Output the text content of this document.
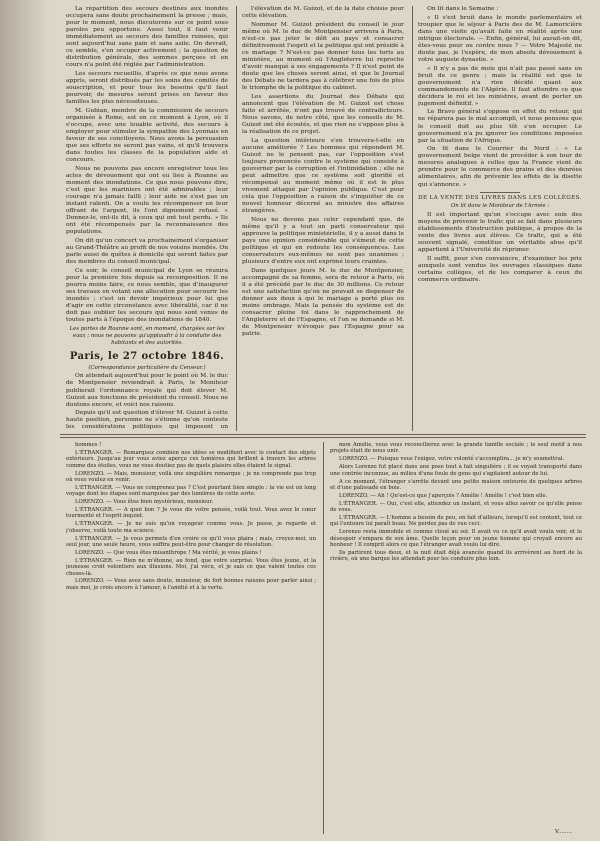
La répartition des secours destinés aux inondés occupera sans doute prochainement la presse ; mais, pour le moment, nous discuterons sur ce point sous paroles peu opportune. Aussi tout, il faut venir immédiatement au secours des familles ruinées, qui sont aujourd'hui sans pain et sans asile. On devrait, ce semble, s'en occuper activement ; la question de distribution générale, des sommes perçues et en cours n'a point été réglée par l'administration.

Les secours recueillis, d'après ce que nous avons appris, seront distribués par les soins des comités de souscription, et pour tous les besoins qu'il faut pourvoir, de mesures seront prises en faveur des familles les plus nécessiteuses.

M. Gubian, membre de la commission de secours organisée à Rome, est en ce moment à Lyon, où il s'occupe, avec une louable activité, des secours à employer pour stimuler la sympathie des Lyonnais en faveur de ses concitoyens. Nous avons la persuasion que ses efforts ne seront pas vains, et qu'il trouvera dans toutes les classes de la population aide et concours.

Nous ne pouvons pas encore enregistrer tous les actes de dévouement qui ont eu lieu à Roanne au moment des inondations. Ce que nous pouvons dire, c'est que les mariniers ont été admirables ; leur courage n'a jamais failli ; leur aide ne s'est pas un instant ralenti. On a voulu les récompenser en leur offrant de l'argent, ils l'ont dignement refusé. « Donnez-le, ont-ils dit, à ceux qui ont tout perdu. » Ils ont été récompensés par la reconnaissance des populations.

On dit qu'un concert va prochainement s'organiser au Grand-Théâtre au profit de nos voisins inondés. On parle aussi de quêtes à domicile qui seront faites par des membres du conseil municipal.

Ce soir, le conseil municipal de Lyon se réunira pour la première fois depuis sa recomposition. Il ne pourra moins faire, ce nous semble, que d'inaugurer ses travaux en votant une allocation pour secourir les inondés ; c'est un devoir impérieux pour lui que d'agir en cette circonstance avec libéralité, car il ne doit pas oublier les secours qui nous sont venus de toutes parts à l'époque des inondations de 1840.

Les portes de Roanne sont, en moment, chargées sur les eaux ; nous ne pouvons qu'applaudir à la conduite des habitants et des autorités.

Paris, le 27 octobre 1846.

(Correspondance particulière du Censeur.)

On attendait aujourd'hui pour le point où M. le duc de Montpensier reviendrait à Paris, le Moniteur publierait l'ordonnance royale qui doit élever M. Guizot aux fonctions de président du conseil. Nous ne doutons encore, et voici nos raisons.

Depuis qu'il est question d'élever M. Guizot à cette haute position, personne ne s'étonne qu'on conteste les considérations politiques qui imposent un

l'élévation de M. Guizot, et de la date choisie pour cette élévation.

Nommer M. Guizot président du conseil le jour même où M. le duc de Montpensier arrivera à Paris, n'est-ce pas jeter le défi au pays et consacrer définitivement l'esprit et la politique qui ont présidé à ce mariage ? N'est-ce pas donner tous les torts au ministère, au moment où l'Angleterre lui reproche d'avoir manqué à ses engagements ? Il n'est point de doute que les choses seront ainsi, et que le Journal des Débats ne tardera pas à célébrer une fois de plus le triomphe de la politique du cabinet.

Les assertions du Journal des Débats qui annoncent que l'élévation de M. Guizot est chose faite et arrêtée, n'ont pas trouvé de contradicteurs. Nous savons, de notre côté, que les conseils de M. Guizot ont été écoutés, et que rien ne s'oppose plus à la réalisation de ce projet.

La question intérieure s'en trouvera-t-elle en aucune améliorée ? Les hommes qui répondent M. Guizot ne le pensent pas, car l'opposition s'est toujours prononcée contre le système qui consiste à gouverner par la corruption et l'intimidation ; elle ne peut admettre que ce système soit glorifié et récompensé au moment même où il est le plus vivement attaqué par l'opinion publique. C'est pour cela que l'opposition a raison de s'inquiéter de ce nouvel honneur décerné au ministre des affaires étrangères.

Nous ne devons pas celer cependant que, de même qu'il y a tout un parti conservateur qui approuve la politique ministérielle, il y a aussi dans le pays une opinion considérable qui s'émeut de cette politique et qui en redoute les conséquences. Les conservateurs eux-mêmes ne sont pas unanimes ; plusieurs d'entre eux ont exprimé leurs craintes.

Dans quelques jours M. le duc de Montpensier, accompagné de sa femme, sera de retour à Paris, où il a été précédé par le duc de 30 millions. Ce retour est une satisfaction qu'on ne pouvait se dispenser de donner aux deux à qui le mariage a porté plus ou moins ombrage. Mais la pensée du système est de consacrer pleine foi dans le rapprochement de l'Angleterre et de l'Espagne, et l'on se demande si M. de Montpensier n'évoque pas l'Espagne pour sa patrie.

On lit dans le Semaine :

« Il s'est bruit dans le monde parlementaire et troupier que le séjour à Paris des de M. Lamoricière dans une visite qu'avait faite en réalité après une intrigue électorale. — Enfin, général, lui aurait-on dit, êtes-vous pour ou contre nous ? — Votre Majesté ne doute pas, je l'espère, de mon absolu dévouement à votre auguste dynastie. »

« Il n'y a pas de mois qui n'ait pas passé sans un bruit de ce genre ; mais la réalité est que le gouvernement n'a rien décidé quant aux commandements de l'Algérie. Il faut attendre ce que décidera le roi et les ministres, avant de porter un jugement définitif. »

Le Bravo général s'oppose en effet du retour, qui ne réparera pas le mal accompli, et nous pensons que le conseil doit au plus tôt s'en occuper. Le gouvernement n'a pu ignorer les conditions imposées par la situation de l'Afrique.

On lit dans le Courrier du Nord : « Le gouvernement belge vient de procéder à son tour de mesures analogues à celles que la France vient de prendre pour le commerce des grains et des denrées alimentaires, afin de prévenir les effets de la disette qui s'annonce. »

DE LA VENTE DES LIVRES DANS LES COLLÈGES.

On lit dans le Moniteur de l'Armée :

Il est important qu'on s'occupe avec soin des moyens de prévenir le trafic qui se fait dans plusieurs établissements d'instruction publique, à propos de la vente des livres aux élèves. Ce trafic, qui a été souvent signalé, constitue un véritable abus qu'il appartient à l'Université de réprimer.

Il suffit, pour s'en convaincre, d'examiner les prix auxquels sont vendus les ouvrages classiques dans certains collèges, et de les comparer à ceux du commerce ordinaire.

hommes !

L'ÉTRANGER. — Remarquez combien nos idées se modifient avec le contact des objets extérieurs. Jusqu'au jour vous aviez aperçu ces lumières qui brillent à travers les arbres comme des étoiles, vous ne vous doutiez pas de quels plaisirs elles étaient le signal.

LORENZO. — Mais, monsieur, voilà une singulière remarque ; je ne comprends pas trop où vous voulez en venir.

L'ÉTRANGER. — Vous ne comprenez pas ? C'est pourtant bien simple : la vie est un long voyage dont les étapes sont marquées par des lumières de cette sorte.

LORENZO. — Vous êtes bien mystérieux, monsieur.

L'ÉTRANGER. — A quoi bon ? Je vous dis votre pensée, voilà tout. Vous avez le cœur tourmenté et l'esprit inquiet.

L'ÉTRANGER. — Je ne suis qu'un voyageur comme vous. Je passe, je regarde et j'observe, voilà toute ma science.

L'ÉTRANGER. — Je vous permets d'en croire ce qu'il vous plaira ; mais, croyez-moi, un seul jour, une seule heure, vous suffira peut-être pour changer de résolution.

LORENZO. — Que vous êtes misanthrope ! Ma vérité, je vous plains !

L'ÉTRANGER. — Rien ne m'étonne, au fond, que votre surprise. Vous êtes jeune, et la jeunesse croit volontiers aux illusions. Moi, j'ai vécu, et je sais ce que valent toutes ces choses-là.

LORENZO. — Vous avez sans doute, monsieur, de fort bonnes raisons pour parler ainsi ; mais moi, je crois encore à l'amour, à l'amitié et à la vertu.

mon Amélie, vous vous réconcilierez avec la grande famille sociale ; le seul motif à nos projets était de nous unir.

LORENZO. — Puisque vous l'exigez, votre volonté s'accomplira... je m'y soumettrai.

Alors Lorenzo fut placé dans une pose tout à fait singulière ; il se voyait transporté dans une contrée inconnue, au milieu d'une foule de gens qui s'agitaient autour de lui.

A ce moment, l'étranger s'arrête devant une petite maison entourée de quelques arbres et d'une palissade en bois.

LORENZO. — Ah ! Qu'est-ce que j'aperçois ? Amélie ! Amélie ! c'est bien elle.

L'ÉTRANGER. — Oui, c'est elle, attendez un instant, et vous allez savoir ce qu'elle pense de vous.

L'ÉTRANGER. — L'homme a besoin de peu, on fait d'ailleurs, lorsqu'il est content, tout ce qui l'entoure lui paraît beau. Ne perdez pas de vue ceci.

Lorenzo resta immobile et comme cloué au sol. Il avait vu ce qu'il avait voulu voir, et le désespoir s'empara de son âme. Quelle leçon pour un jeune homme qui croyait encore au bonheur ! Il comprit alors ce que l'étranger avait voulu lui dire.

Ils partirent tous deux, et la nuit était déjà avancée quand ils arrivèrent au bord de la rivière, où une barque les attendait pour les conduire plus loin.

V........
